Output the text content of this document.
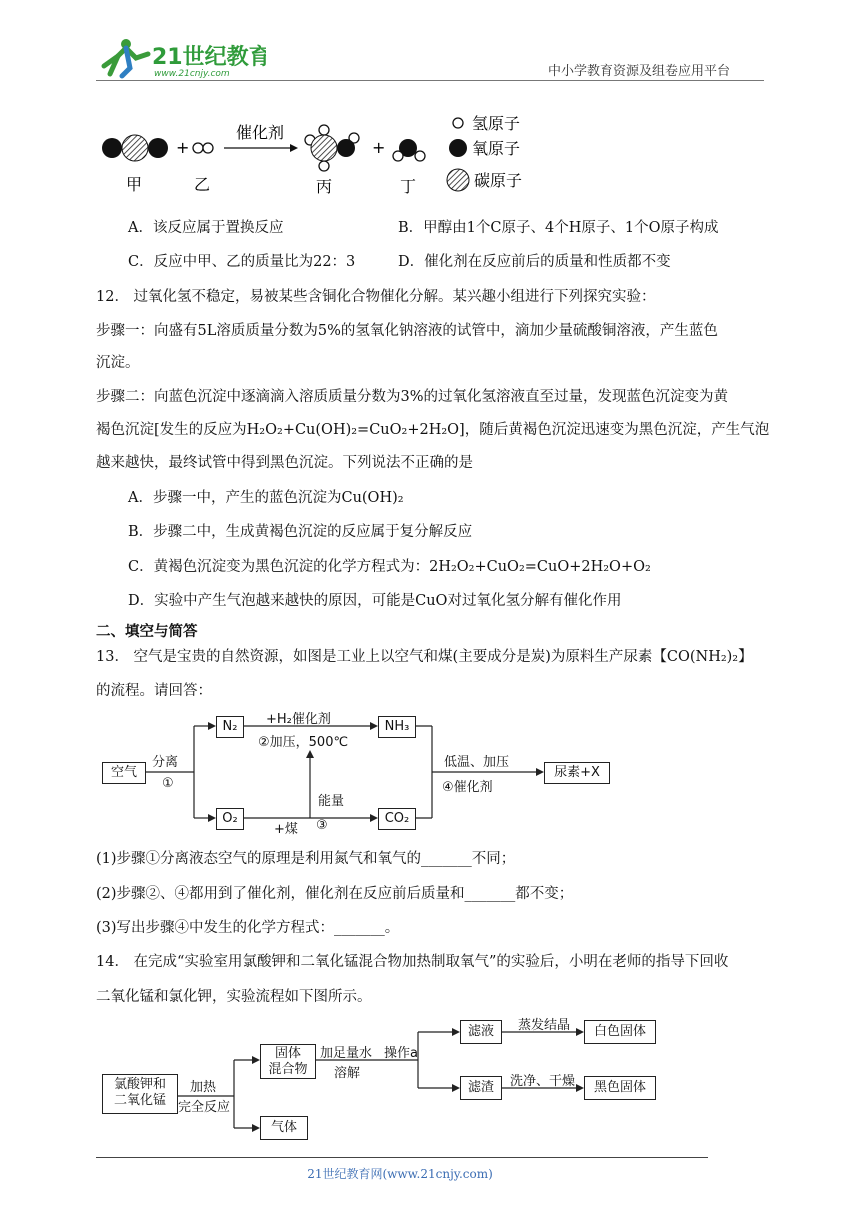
21世纪教育
www.21cnjy.com	中小学教育资源及组卷应用平台
+
催化剂
+
甲	乙	丙	丁
氢原子
氧原子
碳原子
A．该反应属于置换反应	B．甲醇由1个C原子、4个H原子、1个O原子构成
C．反应中甲、乙的质量比为22：3	D．催化剂在反应前后的质量和性质都不变
12． 过氧化氢不稳定，易被某些含铜化合物催化分解。某兴趣小组进行下列探究实验：
步骤一：向盛有5L溶质质量分数为5%的氢氧化钠溶液的试管中，滴加少量硫酸铜溶液，产生蓝色
沉淀。
步骤二：向蓝色沉淀中逐滴滴入溶质质量分数为3%的过氧化氢溶液直至过量，发现蓝色沉淀变为黄
褐色沉淀[发生的反应为H₂O₂+Cu(OH)₂=CuO₂+2H₂O]，随后黄褐色沉淀迅速变为黑色沉淀，产生气泡
越来越快，最终试管中得到黑色沉淀。下列说法不正确的是
A．步骤一中，产生的蓝色沉淀为Cu(OH)₂
B．步骤二中，生成黄褐色沉淀的反应属于复分解反应
C．黄褐色沉淀变为黑色沉淀的化学方程式为：2H₂O₂+CuO₂=CuO+2H₂O+O₂
D．实验中产生气泡越来越快的原因，可能是CuO对过氧化氢分解有催化作用
二、填空与简答
13． 空气是宝贵的自然资源，如图是工业上以空气和煤(主要成分是炭)为原料生产尿素【CO(NH₂)₂】
的流程。请回答：
空气
分离
①
N₂
O₂
+H₂催化剂
②加压，500℃
NH₃
CO₂
能量
+煤 ③
低温、加压
④催化剂
尿素+X
(1)步骤①分离液态空气的原理是利用氮气和氧气的_______不同；
(2)步骤②、④都用到了催化剂，催化剂在反应前后质量和_______都不变；
(3)写出步骤④中发生的化学方程式：_______。
14． 在完成“实验室用氯酸钾和二氧化锰混合物加热制取氧气”的实验后，小明在老师的指导下回收
二氧化锰和氯化钾，实验流程如下图所示。
氯酸钾和
二氧化锰
加热
完全反应
固体
混合物
加足量水
溶解
操作a
气体
滤液	蒸发结晶	白色固体
滤渣	洗净、干燥	黑色固体
21世纪教育网(www.21cnjy.com)
